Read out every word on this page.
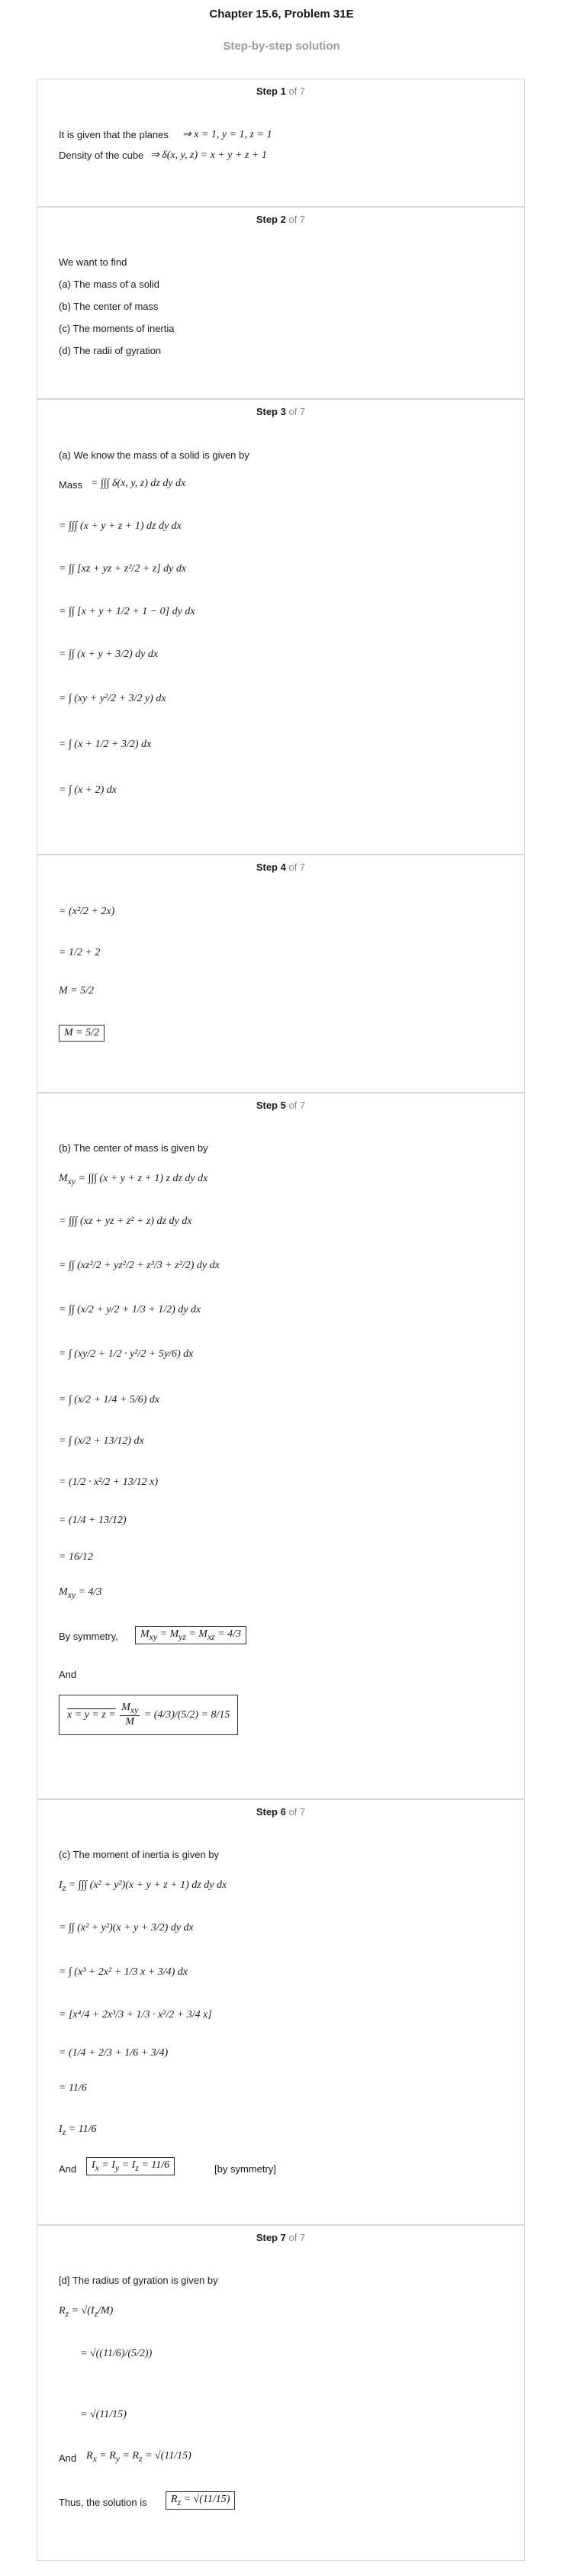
Chapter 15.6, Problem 31E
Step-by-step solution
Step 1 of 7
It is given that the planes ⇒ x = 1, y = 1, z = 1
Density of the cube ⇒ δ(x, y, z) = x + y + z + 1
Step 2 of 7
We want to find
(a) The mass of a solid
(b) The center of mass
(c) The moments of inertia
(d) The radii of gyration
Step 3 of 7
(a) We know the mass of a solid is given by
Mass = ∫∫∫ δ(x, y, z) dz dy dx
= ∫∫∫ (x + y + z + 1) dz dy dx
= ∫∫ [xz + yz + z²/2 + z] dy dx
= ∫∫ [x + y + 1/2 + 1 − 0] dy dx
= ∫∫ (x + y + 3/2) dy dx
= ∫ (xy + y²/2 + 3/2 y) dx
= ∫ (x + 1/2 + 3/2) dx
= ∫ (x + 2) dx
Step 4 of 7
= (x²/2 + 2x)
= 1/2 + 2
M = 5/2
M = 5/2
Step 5 of 7
(b) The center of mass is given by
$M_{xy}$ = ∫∫∫ (x + y + z + 1) z dz dy dx
= ∫∫∫ (xz + yz + z² + z) dz dy dx
= ∫∫ (xz²/2 + yz²/2 + z³/3 + z²/2) dy dx
= ∫∫ (x/2 + y/2 + 1/3 + 1/2) dy dx
= ∫ (xy/2 + 1/2 · y²/2 + 5y/6) dx
= ∫ (x/2 + 1/4 + 5/6) dx
= ∫ (x/2 + 13/12) dx
= (1/2 · x²/2 + 13/12 x)
= (1/4 + 13/12)
= 16/12
$M_{xy} = 4/3$
By symmetry,	$M_{xy} = M_{yz} = M_{xz} = 4/3$
And
$x = y = z = \frac{M_{xy}}{M} = (4/3)/(5/2) = 8/15$
Step 6 of 7
(c) The moment of inertia is given by
$I_z$ = ∫∫∫ (x² + y²)(x + y + z + 1) dz dy dx
= ∫∫ (x² + y²)(x + y + 3/2) dy dx
= ∫ (x³ + 2x² + 1/3 x + 3/4) dx
= [x⁴/4 + 2x³/3 + 1/3 · x²/2 + 3/4 x]
= (1/4 + 2/3 + 1/6 + 3/4)
= 11/6
$I_z = 11/6$
And	$I_x = I_y = I_z = 11/6$	[by symmetry]
Step 7 of 7
[d] The radius of gyration is given by
$R_z = √(I_z/M)$
= √((11/6)/(5/2))
= √(11/15)
And $R_x = R_y = R_z = √(11/15)$
Thus, the solution is	$R_z = √(11/15)$
